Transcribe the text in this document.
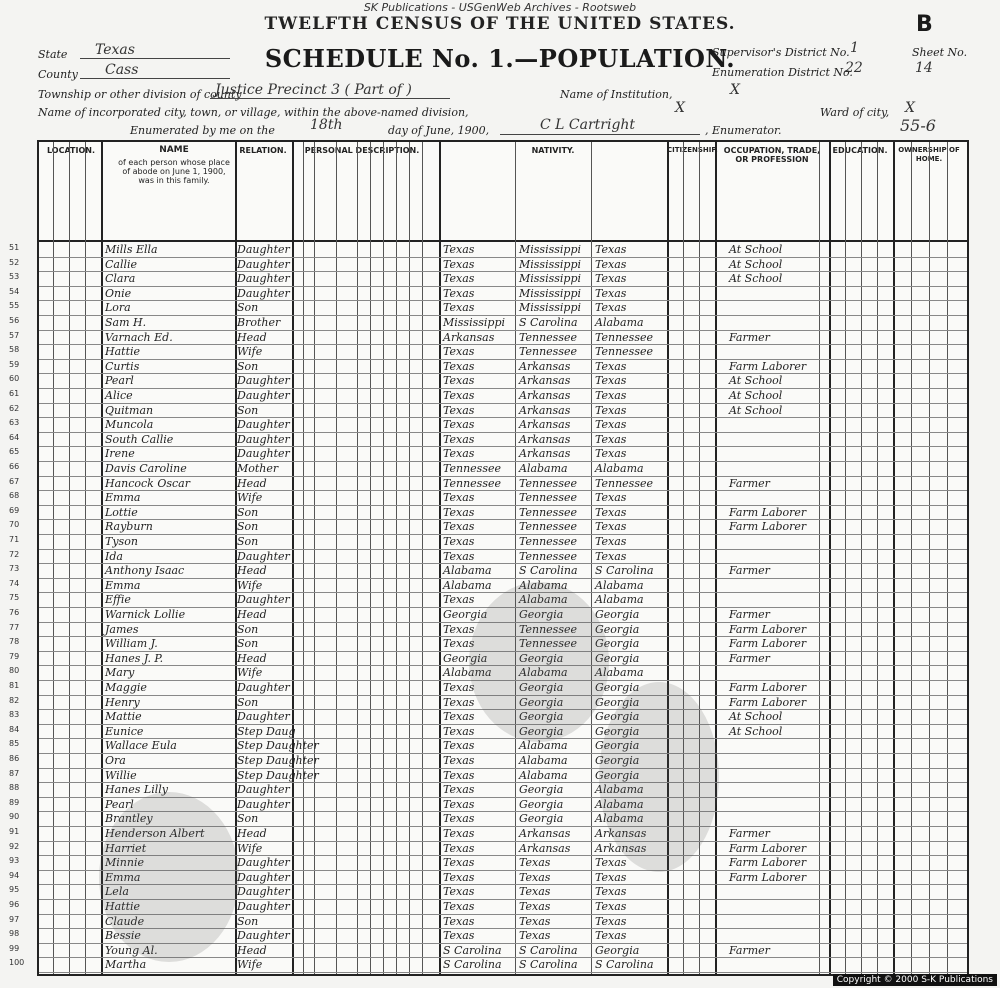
SK Publications - USGenWeb Archives - Rootsweb
TWELFTH CENSUS OF THE UNITED STATES.	B
SCHEDULE No. 1.—POPULATION.
State Texas
County Cass
Supervisor's District No. 1	Sheet No.
Enumeration District No.
22	14
Township or other division of county
Justice Precinct 3 ( Part of )	Name of Institution,	X
Name of incorporated city, town, or village, within the above-named division,	X	Ward of city, X
Enumerated by me on the	18th	day of June, 1900,	C L Cartright	, Enumerator.	55-6
LOCATION.	NAME
of each person whose place of abode on June 1, 1900, was in this family.
RELATION.	PERSONAL DESCRIPTION.	NATIVITY.	CITIZENSHIP. OCCUPATION, TRADE, OR PROFESSION
EDUCATION.	OWNERSHIP OF HOME.
51	Mills Ella	Daughter	Texas	Mississippi	Texas	At School
52	Callie	Daughter	Texas	Mississippi	Texas	At School
53	Clara	Daughter	Texas	Mississippi	Texas	At School
54	Onie	Daughter	Texas	Mississippi	Texas
55	Lora	Son	Texas	Mississippi	Texas
56	Sam H.	Brother	Mississippi	S Carolina	Alabama
57	Varnach Ed.	Head	Arkansas	Tennessee	Tennessee	Farmer
58	Hattie	Wife	Texas	Tennessee	Tennessee
59	Curtis	Son	Texas	Arkansas	Texas	Farm Laborer
60	Pearl	Daughter	Texas	Arkansas	Texas	At School
61	Alice	Daughter	Texas	Arkansas	Texas	At School
62	Quitman	Son	Texas	Arkansas	Texas	At School
63	Muncola	Daughter	Texas	Arkansas	Texas
64	South Callie	Daughter	Texas	Arkansas	Texas
65	Irene	Daughter	Texas	Arkansas	Texas
66	Davis Caroline	Mother	Tennessee	Alabama	Alabama
67	Hancock Oscar	Head	Tennessee	Tennessee	Tennessee	Farmer
68	Emma	Wife	Texas	Tennessee	Texas
69	Lottie	Son	Texas	Tennessee	Texas	Farm Laborer
70	Rayburn	Son	Texas	Tennessee	Texas	Farm Laborer
71	Tyson	Son	Texas	Tennessee	Texas
72	Ida	Daughter	Texas	Tennessee	Texas
73	Anthony Isaac	Head	Alabama	S Carolina	S Carolina	Farmer
74	Emma	Wife	Alabama	Alabama	Alabama
75	Effie	Daughter	Texas	Alabama	Alabama
76	Warnick Lollie	Head	Georgia	Georgia	Georgia	Farmer
77	James	Son	Texas	Tennessee	Georgia	Farm Laborer
78	William J.	Son	Texas	Tennessee	Georgia	Farm Laborer
79	Hanes J. P.	Head	Georgia	Georgia	Georgia	Farmer
80	Mary	Wife	Alabama	Alabama	Alabama
81	Maggie	Daughter	Texas	Georgia	Georgia	Farm Laborer
82	Henry	Son	Texas	Georgia	Georgia	Farm Laborer
83	Mattie	Daughter	Texas	Georgia	Georgia	At School
84	Eunice	Step Daug	Texas	Georgia	Georgia	At School
85	Wallace Eula	Step Daughter	Texas	Alabama	Georgia
86	Ora	Step Daughter	Texas	Alabama	Georgia
87	Willie	Step Daughter	Texas	Alabama	Georgia
88	Hanes Lilly	Daughter	Texas	Georgia	Alabama
89	Pearl	Daughter	Texas	Georgia	Alabama
90	Brantley	Son	Texas	Georgia	Alabama
91	Henderson Albert	Head	Texas	Arkansas	Arkansas	Farmer
92	Harriet	Wife	Texas	Arkansas	Arkansas	Farm Laborer
93	Minnie	Daughter	Texas	Texas	Texas	Farm Laborer
94	Emma	Daughter	Texas	Texas	Texas	Farm Laborer
95	Lela	Daughter	Texas	Texas	Texas
96	Hattie	Daughter	Texas	Texas	Texas
97	Claude	Son	Texas	Texas	Texas
98	Bessie	Daughter	Texas	Texas	Texas
99	Young Al.	Head	S Carolina	S Carolina	Georgia	Farmer
100	Martha	Wife	S Carolina	S Carolina	S Carolina
Copyright © 2000 S-K Publications
